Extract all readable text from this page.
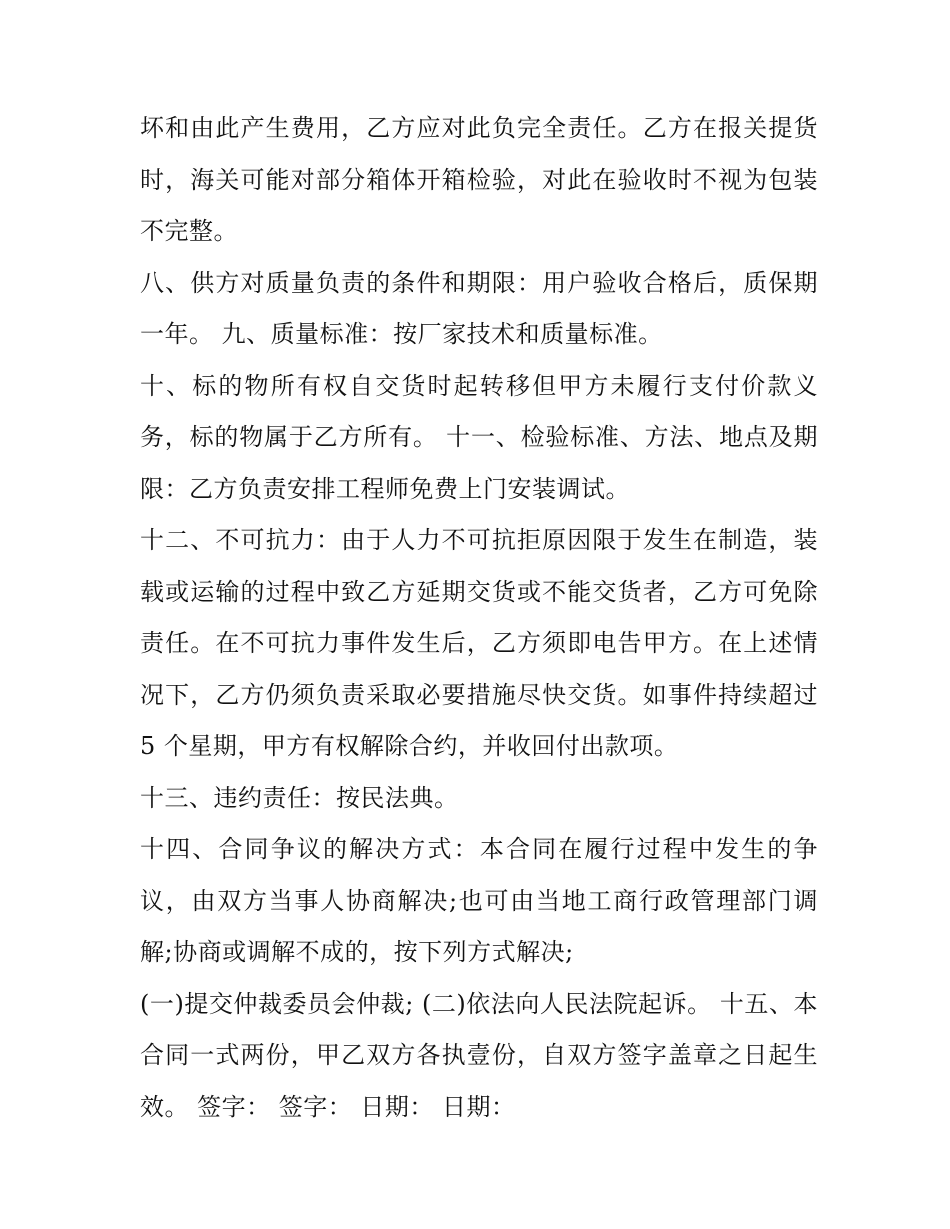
坏和由此产生费用，乙方应对此负完全责任。乙方在报关提货时，海关可能对部分箱体开箱检验，对此在验收时不视为包装不完整。

八、供方对质量负责的条件和期限：用户验收合格后，质保期一年。 九、质量标准：按厂家技术和质量标准。

十、标的物所有权自交货时起转移但甲方未履行支付价款义务，标的物属于乙方所有。 十一、检验标准、方法、地点及期限：乙方负责安排工程师免费上门安装调试。

十二、不可抗力：由于人力不可抗拒原因限于发生在制造，装载或运输的过程中致乙方延期交货或不能交货者，乙方可免除责任。在不可抗力事件发生后，乙方须即电告甲方。在上述情况下，乙方仍须负责采取必要措施尽快交货。如事件持续超过 5 个星期，甲方有权解除合约，并收回付出款项。

十三、违约责任：按民法典。

十四、合同争议的解决方式：本合同在履行过程中发生的争议，由双方当事人协商解决;也可由当地工商行政管理部门调解;协商或调解不成的，按下列方式解决;

(一)提交仲裁委员会仲裁; (二)依法向人民法院起诉。 十五、本合同一式两份，甲乙双方各执壹份，自双方签字盖章之日起生效。 签字： 签字： 日期： 日期：
